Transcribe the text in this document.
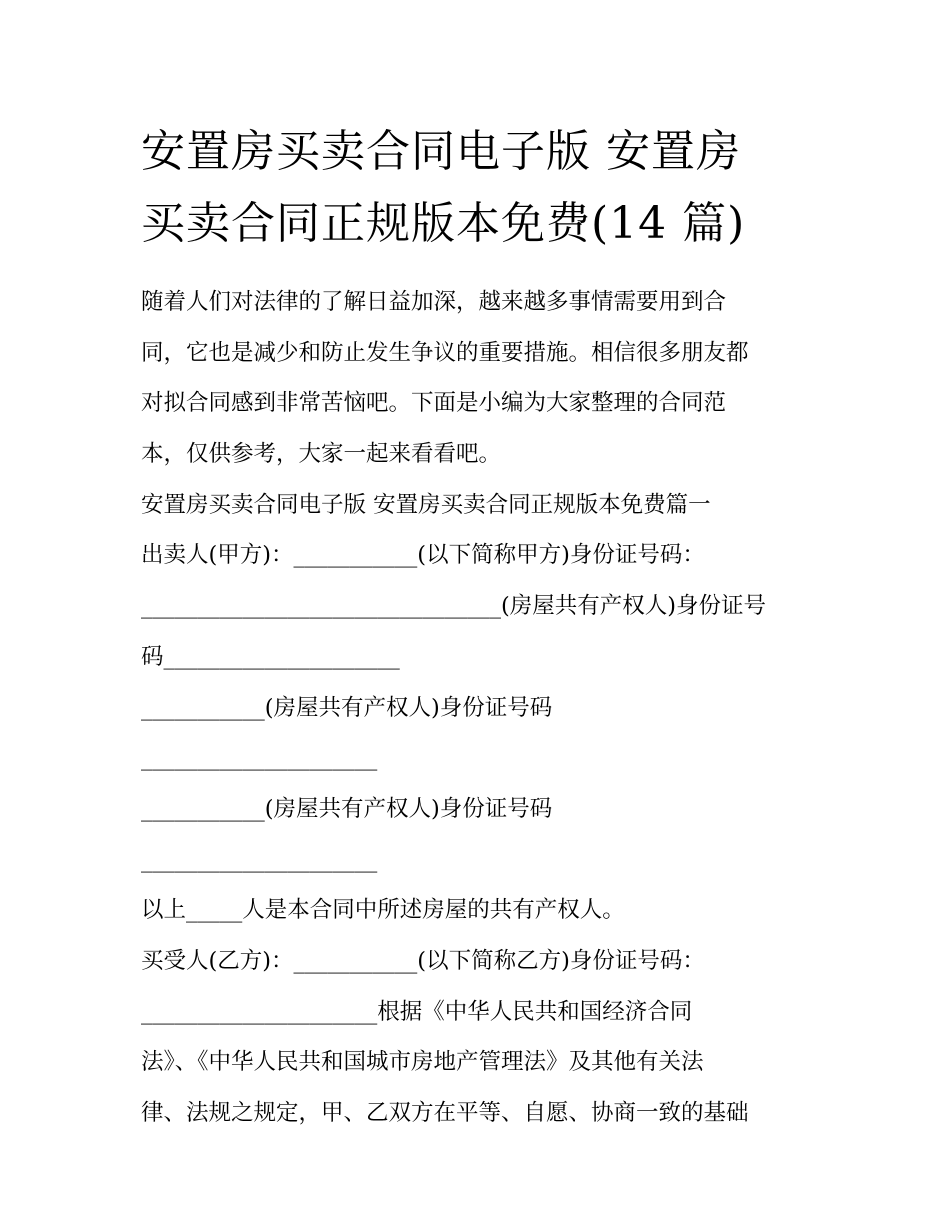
安置房买卖合同电子版 安置房
买卖合同正规版本免费(14 篇)
随着人们对法律的了解日益加深，越来越多事情需要用到合
同，它也是减少和防止发生争议的重要措施。相信很多朋友都
对拟合同感到非常苦恼吧。下面是小编为大家整理的合同范
本，仅供参考，大家一起来看看吧。
安置房买卖合同电子版 安置房买卖合同正规版本免费篇一
出卖人(甲方)：___________(以下简称甲方)身份证号码：
________________________________(房屋共有产权人)身份证号
码_____________________
___________(房屋共有产权人)身份证号码
_____________________
___________(房屋共有产权人)身份证号码
_____________________
以上_____人是本合同中所述房屋的共有产权人。
买受人(乙方)：___________(以下简称乙方)身份证号码：
_____________________根据《中华人民共和国经济合同
法》、《中华人民共和国城市房地产管理法》及其他有关法
律、法规之规定，甲、乙双方在平等、自愿、协商一致的基础
